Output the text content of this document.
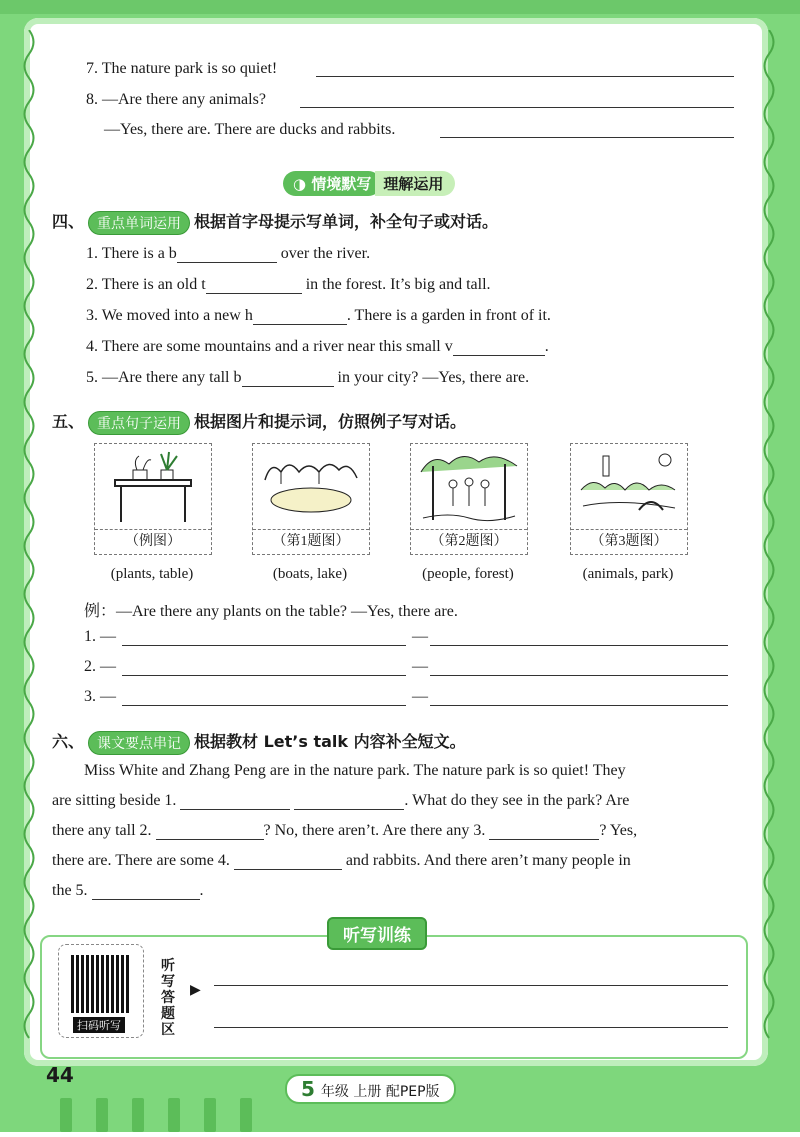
7. The nature park is so quiet!
8. —Are there any animals?
—Yes, there are. There are ducks and rabbits.
◑ 情境默写 理解运用
四、 重点单词运用 根据首字母提示写单词，补全句子或对话。
1. There is a b	over the river.
2. There is an old t	in the forest. It’s big and tall.
3. We moved into a new h	. There is a garden in front of it.
4. There are some mountains and a river near this small v	.
5. —Are there any tall b	in your city? —Yes, there are.
五、 重点句子运用 根据图片和提示词，仿照例子写对话。
（例图）	（第1题图）	（第2题图）	（第3题图）
(plants, table)	(boats, lake)	(people, forest)	(animals, park)
例：—Are there any plants on the table? —Yes, there are.
1. —	—
2. —	—
3. —	—
六、 课文要点串记 根据教材 Let’s talk 内容补全短文。
Miss White and Zhang Peng are in the nature park. The nature park is so quiet! They
are sitting beside 1.	. What do they see in the park? Are
there any tall 2.	? No, there aren’t. Are there any 3.	? Yes,
there are. There are some 4.	and rabbits. And there aren’t many people in
the 5.	.
听写训练
扫码听写
听写答题区
▶
44
5 年级 上册 配PEP版
